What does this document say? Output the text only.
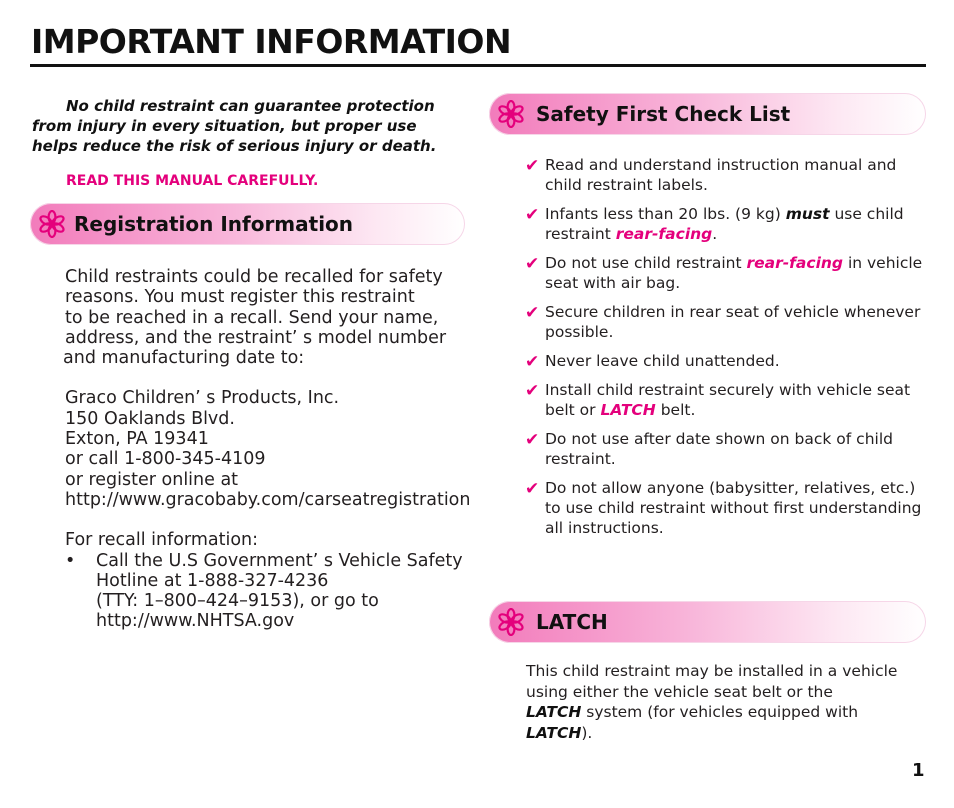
IMPORTANT INFORMATION
No child restraint can guarantee protection from injury in every situation, but proper use helps reduce the risk of serious injury or death.
READ THIS MANUAL CAREFULLY.
Registration Information

Child restraints could be recalled for safety

reasons. You must register this restraint

to be reached in a recall. Send your name,

address, and the restraint’ s model number

and manufacturing date to:

Graco Children’ s Products, Inc.

150 Oaklands Blvd.

Exton, PA 19341

or call 1-800-345-4109

or register online at

http://www.gracobaby.com/carseatregistration

For recall information:

• Call the U.S Government’ s Vehicle Safety

Hotline at 1-888-327-4236

(TTY: 1–800–424–9153), or go to

http://www.NHTSA.gov

Safety First Check List
✔ Read and understand instruction manual and child restraint labels.
✔ Infants less than 20 lbs. (9 kg) must use child restraint rear-facing.
✔ Do not use child restraint rear-facing in vehicle seat with air bag.
✔ Secure children in rear seat of vehicle whenever possible.
✔ Never leave child unattended.
✔ Install child restraint securely with vehicle seat belt or LATCH belt.
✔ Do not use after date shown on back of child restraint.
✔ Do not allow anyone (babysitter, relatives, etc.) to use child restraint without first understanding all instructions.
LATCH
This child restraint may be installed in a vehicle using either the vehicle seat belt or the
LATCH system (for vehicles equipped with
LATCH).
1
